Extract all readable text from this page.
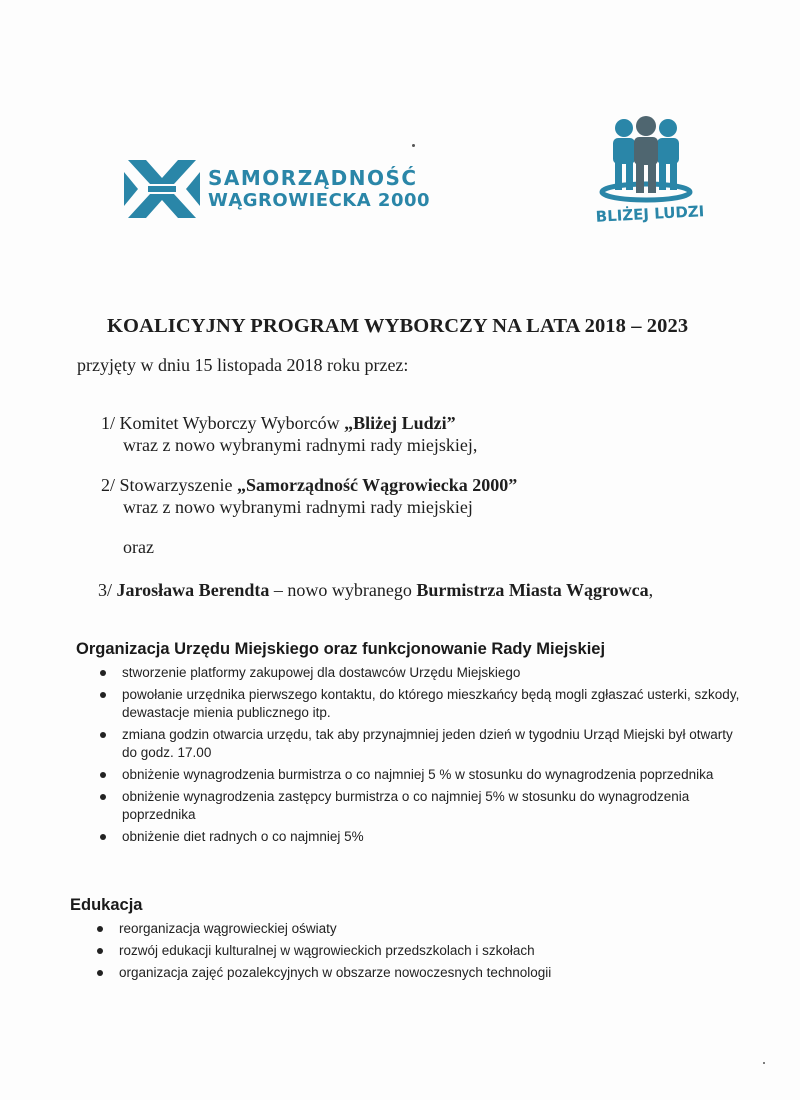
SAMORZĄDNOŚĆ
WĄGROWIECKA 2000
BLIŻEJ LUDZI
KOALICYJNY PROGRAM WYBORCZY NA LATA 2018 – 2023
przyjęty w dniu 15 listopada 2018 roku przez:
1/ Komitet Wyborczy Wyborców „Bliżej Ludzi”
wraz z nowo wybranymi radnymi rady miejskiej,
2/ Stowarzyszenie „Samorządność Wągrowiecka 2000”
wraz z nowo wybranymi radnymi rady miejskiej
oraz
3/ Jarosława Berendta – nowo wybranego Burmistrza Miasta Wągrowca,
Organizacja Urzędu Miejskiego oraz funkcjonowanie Rady Miejskiej
stworzenie platformy zakupowej dla dostawców Urzędu Miejskiego
powołanie urzędnika pierwszego kontaktu, do którego mieszkańcy będą mogli zgłaszać usterki, szkody, dewastacje mienia publicznego itp.
zmiana godzin otwarcia urzędu, tak aby przynajmniej jeden dzień w tygodniu Urząd Miejski był otwarty do godz. 17.00
obniżenie wynagrodzenia burmistrza o co najmniej 5 % w stosunku do wynagrodzenia poprzednika
obniżenie wynagrodzenia zastępcy burmistrza o co najmniej 5% w stosunku do wynagrodzenia poprzednika
obniżenie diet radnych o co najmniej 5%
Edukacja
reorganizacja wągrowieckiej oświaty
rozwój edukacji kulturalnej w wągrowieckich przedszkolach i szkołach
organizacja zajęć pozalekcyjnych w obszarze nowoczesnych technologii
